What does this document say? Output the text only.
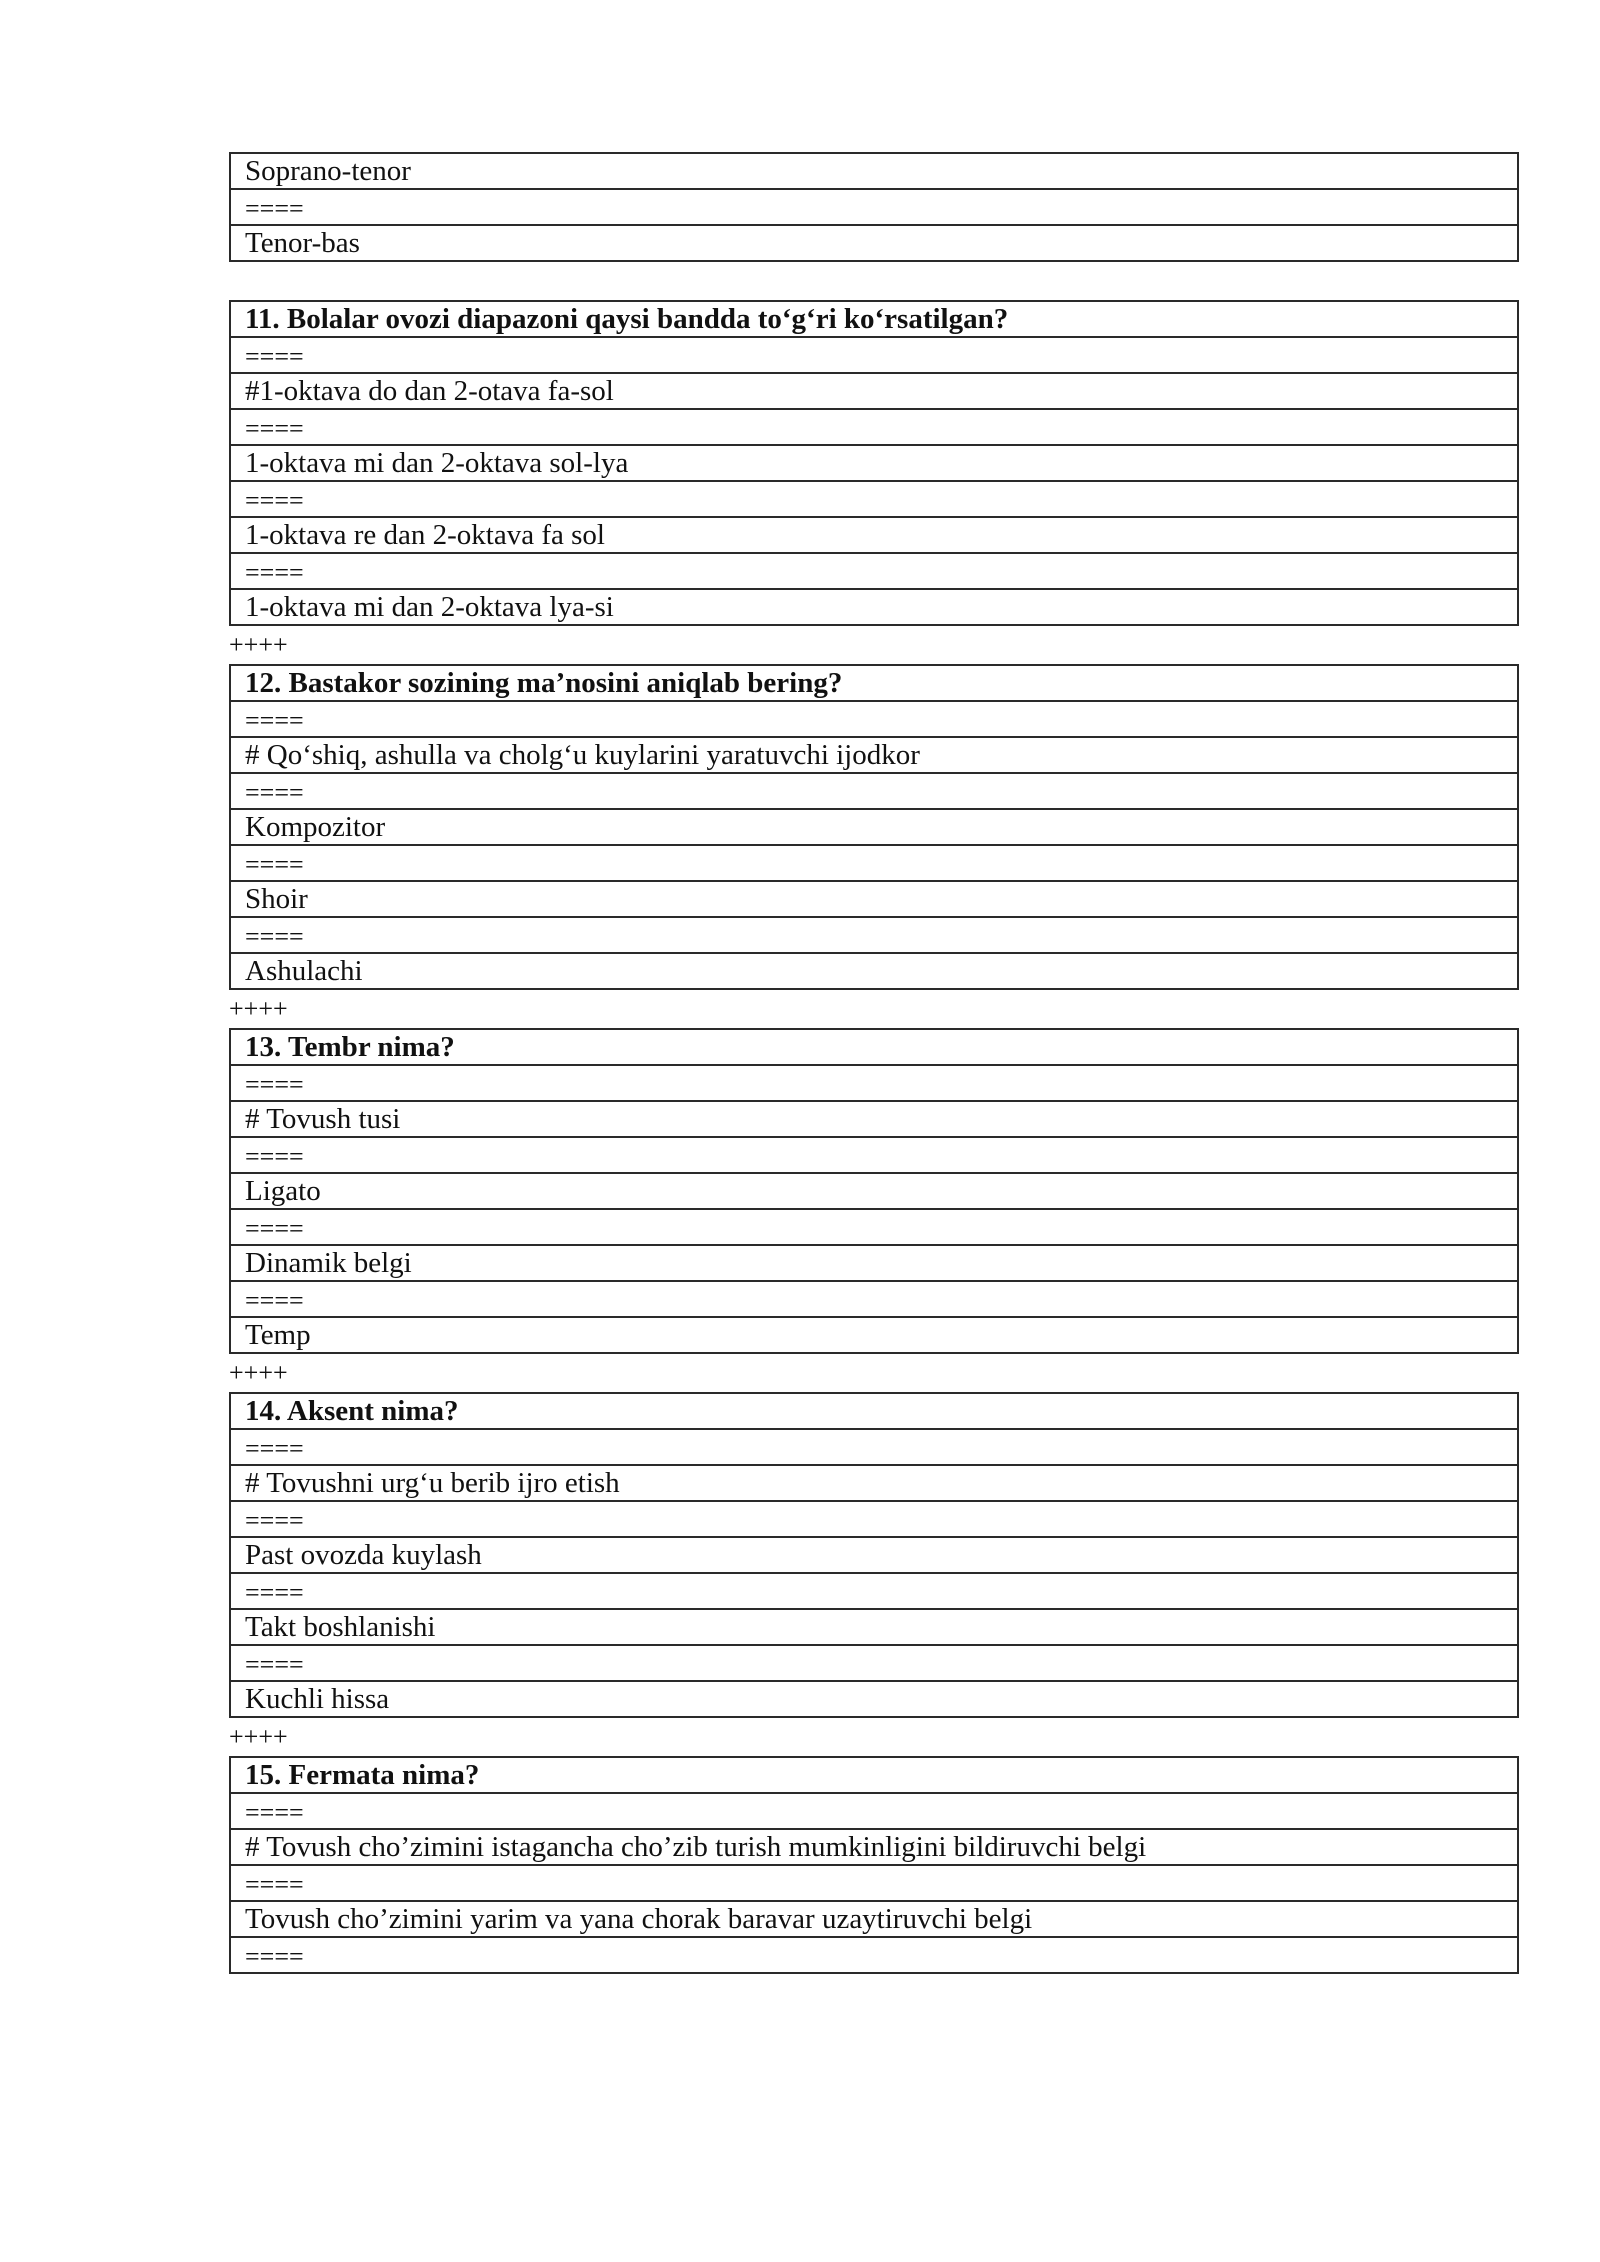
Soprano-tenor
====
Tenor-bas
11. Bolalar ovozi diapazoni qaysi bandda to‘g‘ri ko‘rsatilgan?
====
#1-oktava do dan 2-otava fa-sol
====
1-oktava mi dan 2-oktava sol-lya
====
1-oktava re dan 2-oktava fa sol
====
1-oktava mi dan 2-oktava lya-si
++++
12. Bastakor sozining ma’nosini aniqlab bering?
====
# Qo‘shiq, ashulla va cholg‘u kuylarini yaratuvchi ijodkor
====
Kompozitor
====
Shoir
====
Ashulachi
++++
13. Tembr nima?
====
# Tovush tusi
====
Ligato
====
Dinamik belgi
====
Temp
++++
14. Aksent nima?
====
# Tovushni urg‘u berib ijro etish
====
Past ovozda kuylash
====
Takt boshlanishi
====
Kuchli hissa
++++
15. Fermata nima?
====
# Tovush cho’zimini istagancha cho’zib turish mumkinligini bildiruvchi belgi
====
Tovush cho’zimini yarim va yana chorak baravar uzaytiruvchi belgi
====
